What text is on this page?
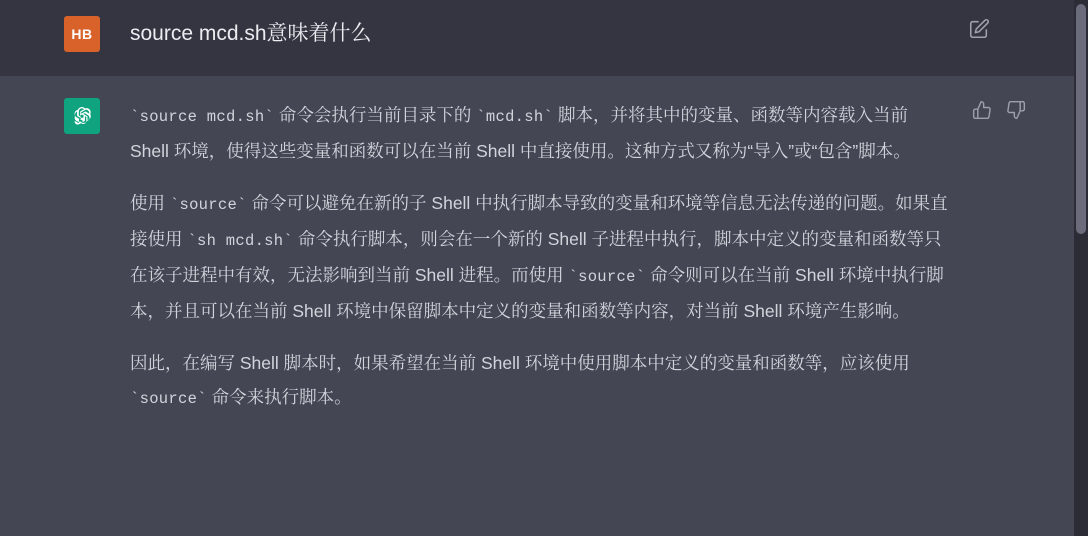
HB source mcd.sh意味着什么

`source mcd.sh` 命令会执行当前目录下的 `mcd.sh` 脚本，并将其中的变量、函数等内容载入当前 Shell 环境，使得这些变量和函数可以在当前 Shell 中直接使用。这种方式又称为“导入”或“包含”脚本。

使用 `source` 命令可以避免在新的子 Shell 中执行脚本导致的变量和环境等信息无法传递的问题。如果直接使用 `sh mcd.sh` 命令执行脚本，则会在一个新的 Shell 子进程中执行，脚本中定义的变量和函数等只在该子进程中有效，无法影响到当前 Shell 进程。而使用 `source` 命令则可以在当前 Shell 环境中执行脚本，并且可以在当前 Shell 环境中保留脚本中定义的变量和函数等内容，对当前 Shell 环境产生影响。

因此，在编写 Shell 脚本时，如果希望在当前 Shell 环境中使用脚本中定义的变量和函数等，应该使用 `source` 命令来执行脚本。
